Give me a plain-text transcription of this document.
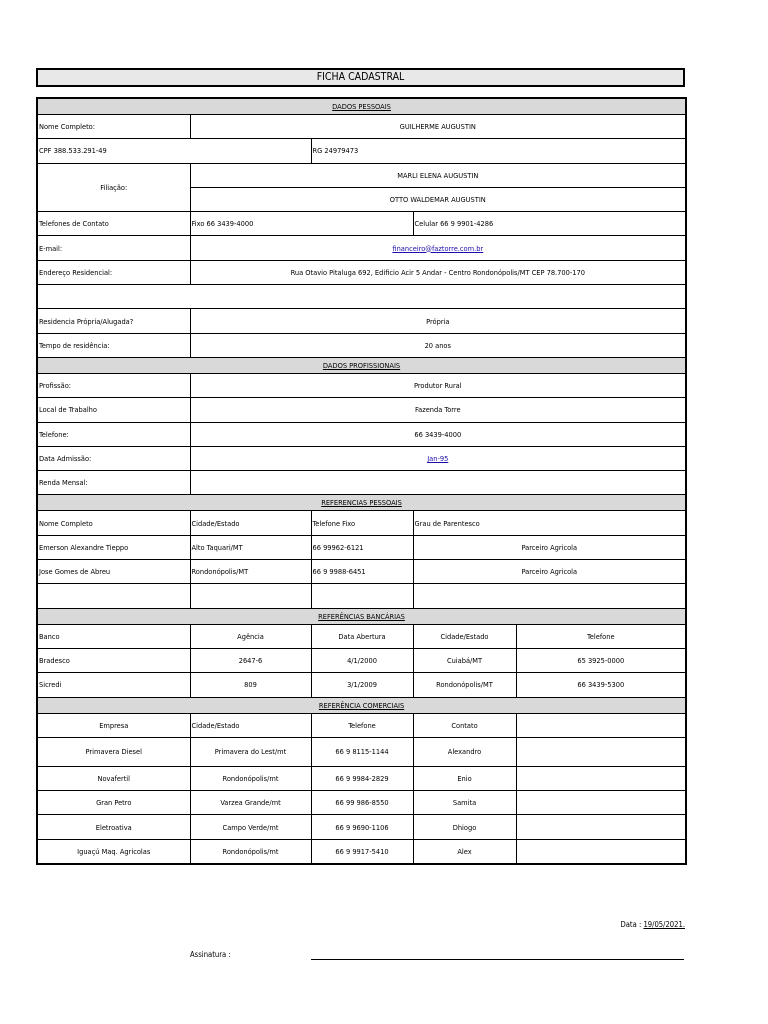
FICHA CADASTRAL
DADOS PESSOAIS				
Nome Completo:	GUILHERME AUGUSTIN			
CPF 388.533.291-49		RG 24979473		
Filiação:	MARLI ELENA AUGUSTIN			
	OTTO WALDEMAR AUGUSTIN			
Telefones de Contato	Fixo 66 3439-4000		Celular 66 9 9901-4286	
E-mail:	financeiro@faztorre.com.br			
Endereço Residencial:	Rua Otavio Pitaluga 692, Edificio Acir 5 Andar - Centro Rondonópolis/MT CEP 78.700-170			

Residencia Própria/Alugada?	Própria			
Tempo de residência:	20 anos			
DADOS PROFISSIONAIS				
Profissão:	Produtor Rural			
Local de Trabalho	Fazenda Torre			
Telefone:	66 3439-4000			
Data Admissão:	Jan-95			
Renda Mensal:				
REFERENCIAS PESSOAIS				
Nome Completo	Cidade/Estado	Telefone Fixo	Grau de Parentesco	
Emerson Alexandre Tieppo	Alto Taquari/MT	66 99962-6121	Parceiro Agricola	
Jose Gomes de Abreu	Rondonópolis/MT	66 9 9988-6451	Parceiro Agricola	

REFERÊNCIAS BANCÁRIAS				
Banco	Agência	Data Abertura	Cidade/Estado	Telefone
Bradesco	2647-6	4/1/2000	Cuiabá/MT	65 3925-0000
Sicredi	809	3/1/2009	Rondonópolis/MT	66 3439-5300
REFERÊNCIA COMERCIAIS				
Empresa	Cidade/Estado	Telefone	Contato	
Primavera Diesel	Primavera do Lest/mt	66 9 8115-1144	Alexandro	
Novafertil	Rondonópolis/mt	66 9 9984-2829	Enio	
Gran Petro	Varzea Grande/mt	66 99 986-8550	Samita	
Eletroativa	Campo Verde/mt	66 9 9690-1106	Dhiogo	
Iguaçú Maq. Agricolas	Rondonópolis/mt	66 9 9917-5410	Alex	
Data : 19/05/2021.
Assinatura :
